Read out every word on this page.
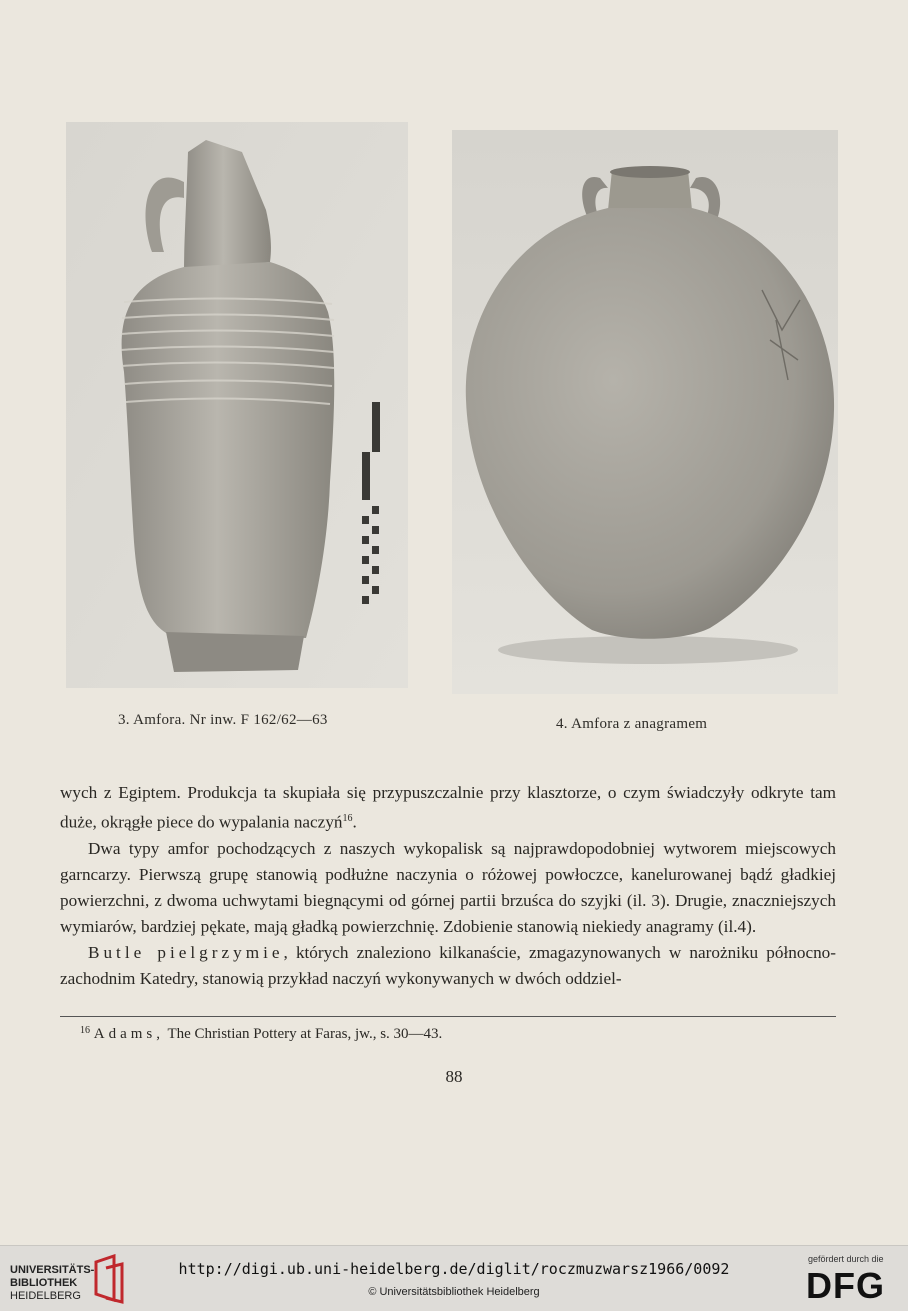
3. Amfora. Nr inw. F 162/62—63	4. Amfora z anagramem

wych z Egiptem. Produkcja ta skupiała się przypuszczalnie przy klasztorze, o czym świadczyły odkryte tam duże, okrągłe piece do wypalania naczyń$^{16}$.

Dwa typy amfor pochodzących z naszych wykopalisk są najprawdopodobniej wytworem miejscowych garncarzy. Pierwszą grupę stanowią podłużne naczynia o różowej powłoczce, kanelurowanej bądź gładkiej powierzchni, z dwoma uchwytami biegnącymi od górnej partii brzuśca do szyjki (il. 3). Drugie, znaczniejszych wymiarów, bardziej pękate, mają gładką powierzchnię. Zdobienie stanowią niekiedy anagramy (il.4).

Butle pielgrzymie, których znaleziono kilkanaście, zmagazynowanych w narożniku północno-zachodnim Katedry, stanowią przykład naczyń wykonywanych w dwóch oddziel-

$^{16}$ Adams, The Christian Pottery at Faras, jw., s. 30—43.
88
UNIVERSITÄTS-
BIBLIOTHEK
HEIDELBERG
http://digi.ub.uni-heidelberg.de/diglit/roczmuzwarsz1966/0092
© Universitätsbibliothek Heidelberg
gefördert durch die
DFG
